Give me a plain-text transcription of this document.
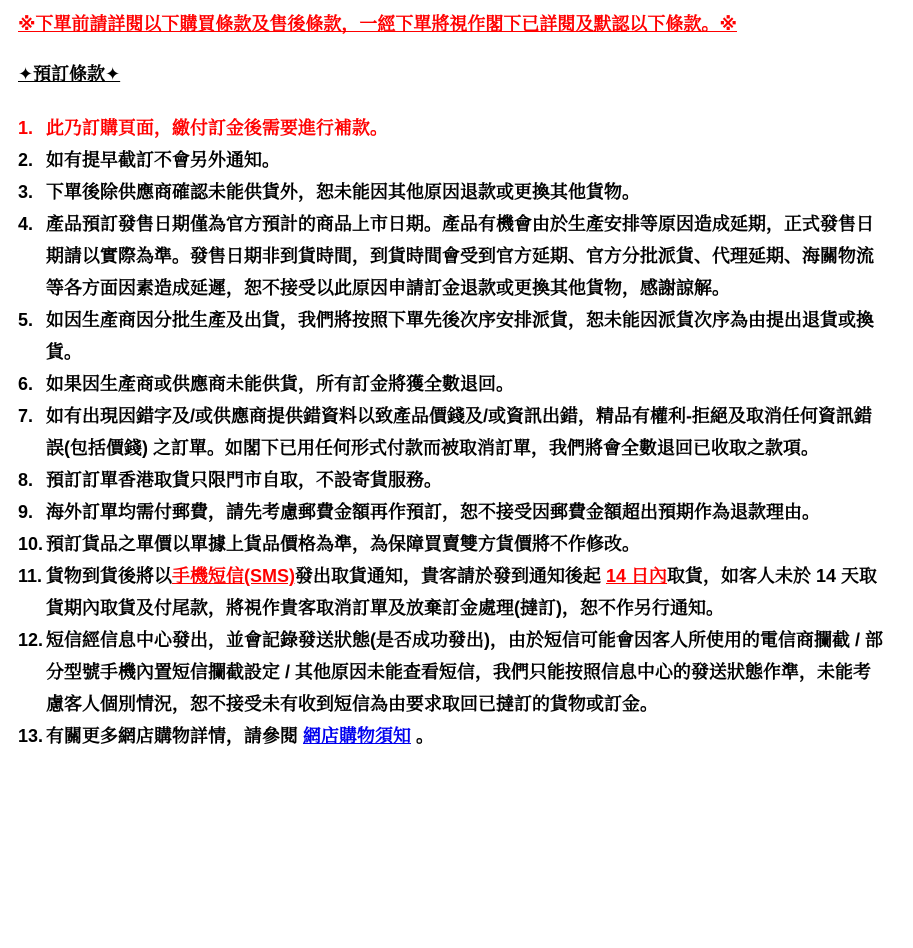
※下單前請詳閱以下購買條款及售後條款，一經下單將視作閣下已詳閱及默認以下條款。※
✦預訂條款✦
1. 此乃訂購頁面，繳付訂金後需要進行補款。
2. 如有提早截訂不會另外通知。
3. 下單後除供應商確認未能供貨外，恕未能因其他原因退款或更換其他貨物。
4. 產品預訂發售日期僅為官方預計的商品上市日期。產品有機會由於生產安排等原因造成延期，正式發售日期請以實際為準。發售日期非到貨時間，到貨時間會受到官方延期、官方分批派貨、代理延期、海關物流等各方面因素造成延遲，恕不接受以此原因申請訂金退款或更換其他貨物，感謝諒解。
5. 如因生產商因分批生產及出貨，我們將按照下單先後次序安排派貨，恕未能因派貨次序為由提出退貨或換貨。
6. 如果因生產商或供應商未能供貨，所有訂金將獲全數退回。
7. 如有出現因錯字及/或供應商提供錯資料以致產品價錢及/或資訊出錯，精品有權利-拒絕及取消任何資訊錯誤(包括價錢) 之訂單。如閣下已用任何形式付款而被取消訂單，我們將會全數退回已收取之款項。
8. 預訂訂單香港取貨只限門市自取，不設寄貨服務。
9. 海外訂單均需付郵費，請先考慮郵費金額再作預訂，恕不接受因郵費金額超出預期作為退款理由。
10. 預訂貨品之單價以單據上貨品價格為準，為保障買賣雙方貨價將不作修改。
11. 貨物到貨後將以手機短信(SMS)發出取貨通知，貴客請於發到通知後起 14 日內取貨，如客人未於 14 天取貨期內取貨及付尾款，將視作貴客取消訂單及放棄訂金處理(撻訂)，恕不作另行通知。
12. 短信經信息中心發出，並會記錄發送狀態(是否成功發出)，由於短信可能會因客人所使用的電信商攔截 / 部分型號手機內置短信攔截設定 / 其他原因未能查看短信，我們只能按照信息中心的發送狀態作準，未能考慮客人個別情況，恕不接受未有收到短信為由要求取回已撻訂的貨物或訂金。
13. 有關更多網店購物詳情，請參閱 網店購物須知 。
